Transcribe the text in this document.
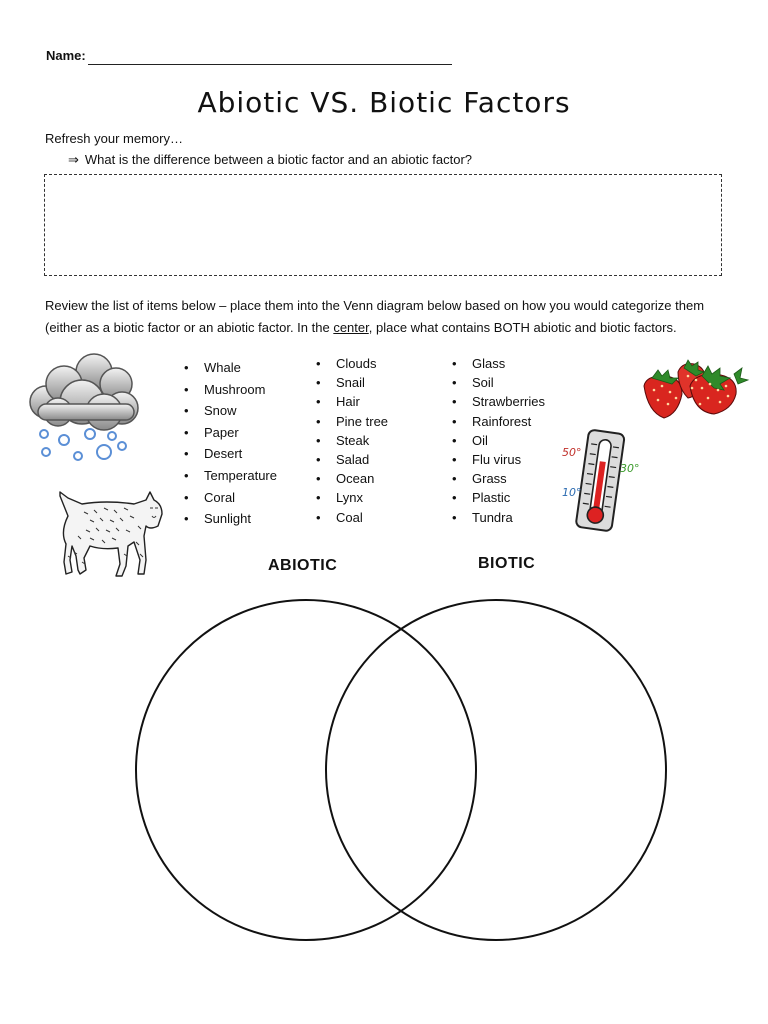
Name:
Abiotic VS. Biotic Factors
Refresh your memory…
⇒ What is the difference between a biotic factor and an abiotic factor?
Review the list of items below – place them into the Venn diagram below based on how you would categorize them (either as a biotic factor or an abiotic factor. In the center, place what contains BOTH abiotic and biotic factors.
• Whale
• Mushroom
• Snow
• Paper
• Desert
• Temperature
• Coral
• Sunlight
• Clouds
• Snail
• Hair
• Pine tree
• Steak
• Salad
• Ocean
• Lynx
• Coal
• Glass
• Soil
• Strawberries
• Rainforest
• Oil
• Flu virus
• Grass
• Plastic
• Tundra
50°
30°
10°
ABIOTIC	BIOTIC
